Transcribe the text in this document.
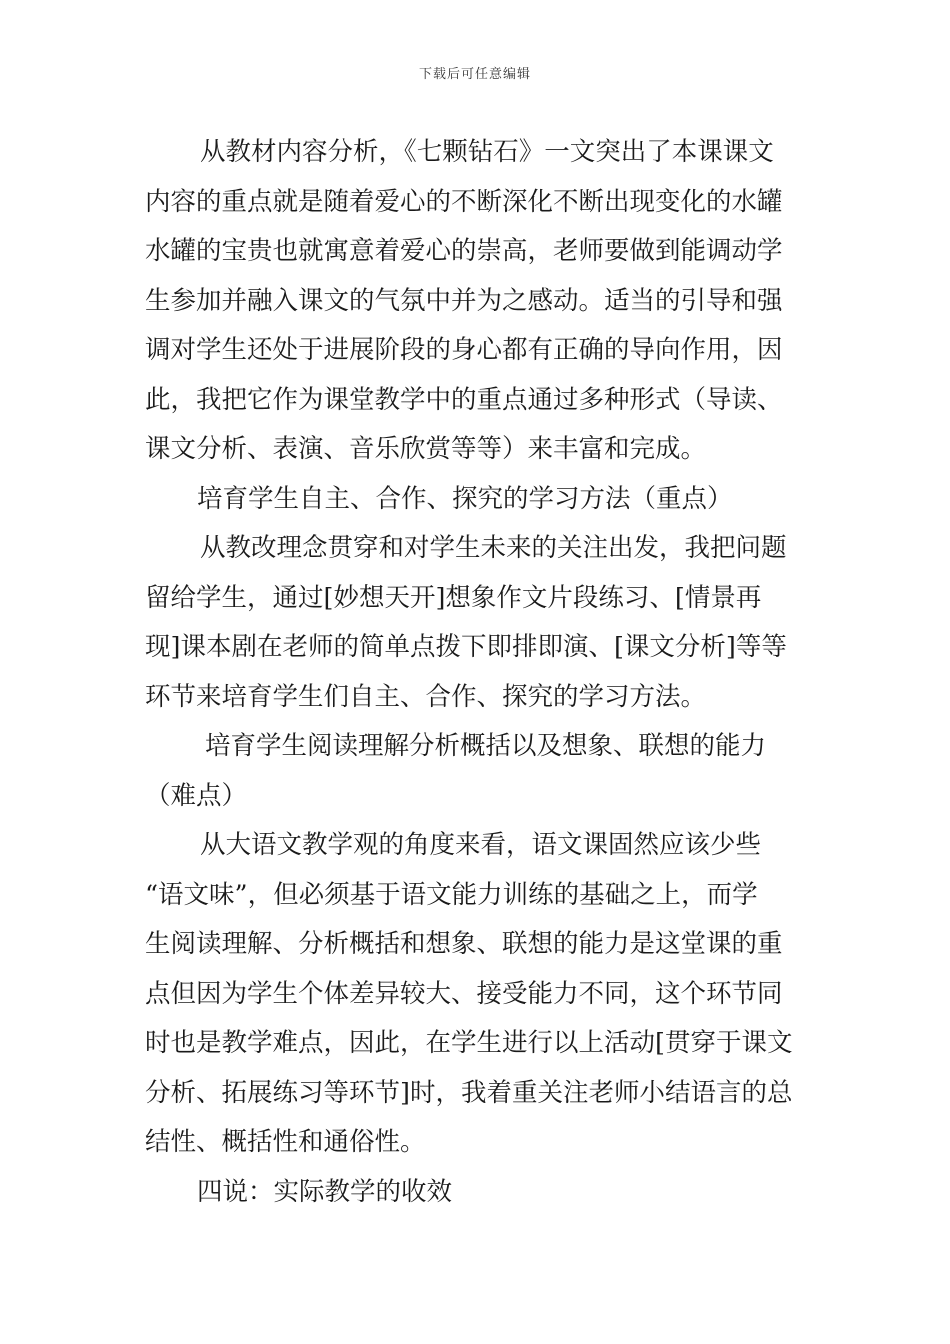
下载后可任意编辑
从教材内容分析，《七颗钻石》一文突出了本课课文
内容的重点就是随着爱心的不断深化不断出现变化的水罐
水罐的宝贵也就寓意着爱心的崇高，老师要做到能调动学
生参加并融入课文的气氛中并为之感动。适当的引导和强
调对学生还处于进展阶段的身心都有正确的导向作用，因
此，我把它作为课堂教学中的重点通过多种形式（导读、
课文分析、表演、音乐欣赏等等）来丰富和完成。
培育学生自主、合作、探究的学习方法（重点）
从教改理念贯穿和对学生未来的关注出发，我把问题
留给学生，通过[妙想天开]想象作文片段练习、[情景再
现]课本剧在老师的简单点拨下即排即演、[课文分析]等等
环节来培育学生们自主、合作、探究的学习方法。
培育学生阅读理解分析概括以及想象、联想的能力
（难点）
从大语文教学观的角度来看，语文课固然应该少些
“语文味”，但必须基于语文能力训练的基础之上，而学
生阅读理解、分析概括和想象、联想的能力是这堂课的重
点但因为学生个体差异较大、接受能力不同，这个环节同
时也是教学难点，因此，在学生进行以上活动[贯穿于课文
分析、拓展练习等环节]时，我着重关注老师小结语言的总
结性、概括性和通俗性。
四说：实际教学的收效
